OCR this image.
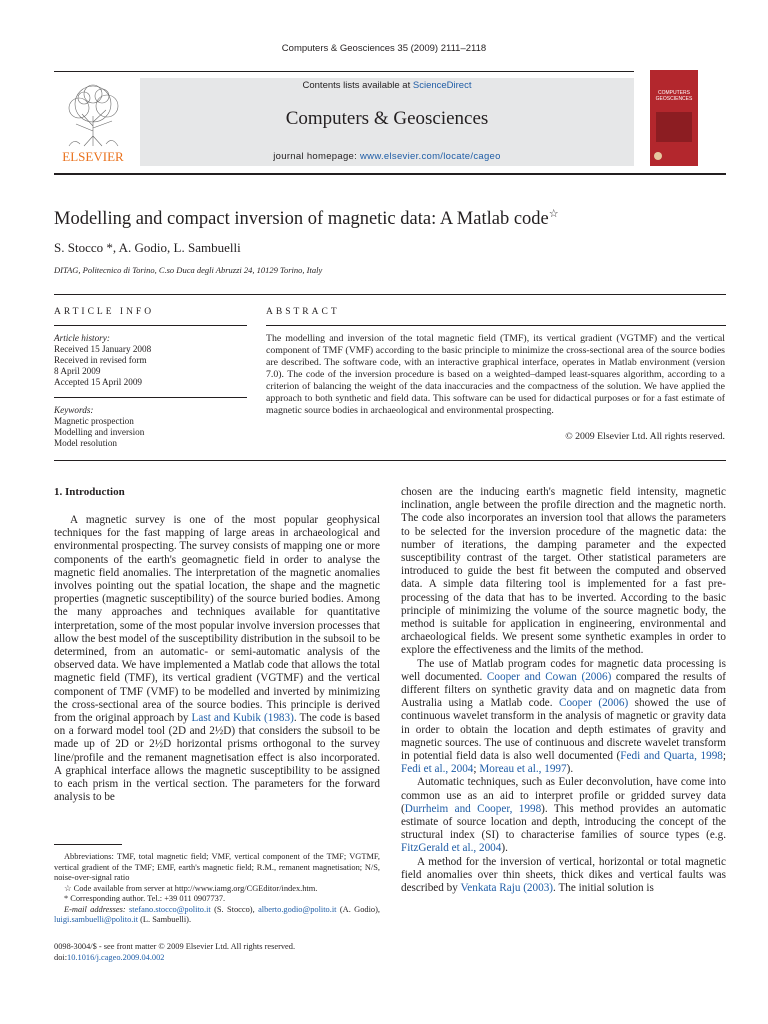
Computers & Geosciences 35 (2009) 2111–2118
ELSEVIER
Contents lists available at ScienceDirect
Computers & Geosciences
journal homepage: www.elsevier.com/locate/cageo
COMPUTERS GEOSCIENCES
Modelling and compact inversion of magnetic data: A Matlab code☆
S. Stocco *, A. Godio, L. Sambuelli
DITAG, Politecnico di Torino, C.so Duca degli Abruzzi 24, 10129 Torino, Italy
ARTICLE INFO
Article history:
Received 15 January 2008
Received in revised form
8 April 2009
Accepted 15 April 2009
Keywords:
Magnetic prospection
Modelling and inversion
Model resolution
ABSTRACT
The modelling and inversion of the total magnetic field (TMF), its vertical gradient (VGTMF) and the vertical component of TMF (VMF) according to the basic principle to minimize the cross-sectional area of the source bodies are described. The software code, with an interactive graphical interface, operates in Matlab environment (version 7.0). The code of the inversion procedure is based on a weighted–damped least-squares algorithm, according to a criterion of balancing the weight of the data inaccuracies and the compactness of the solution. We have applied the approach to both synthetic and field data. This software can be used for didactical purposes or for a fast estimate of magnetic source bodies in archaeological and environmental prospecting.
© 2009 Elsevier Ltd. All rights reserved.
1. Introduction

A magnetic survey is one of the most popular geophysical techniques for the fast mapping of large areas in archaeological and environmental prospecting. The survey consists of mapping one or more components of the earth's geomagnetic field in order to analyse the magnetic field anomalies. The interpretation of the magnetic anomalies involves pointing out the spatial location, the shape and the magnetic properties (magnetic susceptibility) of the source buried bodies. Among the many approaches and techniques available for quantitative interpretation, some of the most popular involve inversion processes that allow the best model of the susceptibility distribution in the subsoil to be determined, from an automatic- or semi-automatic analysis of the observed data. We have implemented a Matlab code that allows the total magnetic field (TMF), its vertical gradient (VGTMF) and the vertical component of TMF (VMF) to be modelled and inverted by minimizing the cross-sectional area of the source bodies. This principle is derived from the original approach by Last and Kubik (1983). The code is based on a forward model tool (2D and 2½D) that considers the subsoil to be made up of 2D or 2½D horizontal prisms orthogonal to the survey line/profile and the remanent magnetisation effect is also incorporated. A graphical interface allows the magnetic susceptibility to be assigned to each prism in the vertical section. The parameters for the forward analysis to be

Abbreviations: TMF, total magnetic field; VMF, vertical component of the TMF; VGTMF, vertical gradient of the TMF; EMF, earth's magnetic field; R.M., remanent magnetisation; N/S, noise-over-signal ratio
☆ Code available from server at http://www.iamg.org/CGEditor/index.htm.
* Corresponding author. Tel.: +39 011 0907737.
E-mail addresses: stefano.stocco@polito.it (S. Stocco), alberto.godio@polito.it (A. Godio), luigi.sambuelli@polito.it (L. Sambuelli).
0098-3004/$ - see front matter © 2009 Elsevier Ltd. All rights reserved.
doi:10.1016/j.cageo.2009.04.002

chosen are the inducing earth's magnetic field intensity, magnetic inclination, angle between the profile direction and the magnetic north. The code also incorporates an inversion tool that allows the parameters to be selected for the inversion procedure of the magnetic data: the number of iterations, the damping parameter and the expected susceptibility contrast of the target. Other statistical parameters are introduced to guide the best fit between the computed and observed data. A simple data filtering tool is implemented for a fast pre-processing of the data that has to be inverted. According to the basic principle of minimizing the volume of the source magnetic body, the method is suitable for application in engineering, environmental and archaeological fields. We present some synthetic examples in order to explore the effectiveness and the limits of the method.

The use of Matlab program codes for magnetic data processing is well documented. Cooper and Cowan (2006) compared the results of different filters on synthetic gravity data and on magnetic data from Australia using a Matlab code. Cooper (2006) showed the use of continuous wavelet transform in the analysis of magnetic or gravity data in order to obtain the location and depth estimates of gravity and magnetic sources. The use of continuous and discrete wavelet transform in potential field data is also well documented (Fedi and Quarta, 1998; Fedi et al., 2004; Moreau et al., 1997).

Automatic techniques, such as Euler deconvolution, have come into common use as an aid to interpret profile or gridded survey data (Durrheim and Cooper, 1998). This method provides an automatic estimate of source location and depth, introducing the concept of the structural index (SI) to characterise families of source types (e.g. FitzGerald et al., 2004).

A method for the inversion of vertical, horizontal or total magnetic field anomalies over thin sheets, thick dikes and vertical faults was described by Venkata Raju (2003). The initial solution is
